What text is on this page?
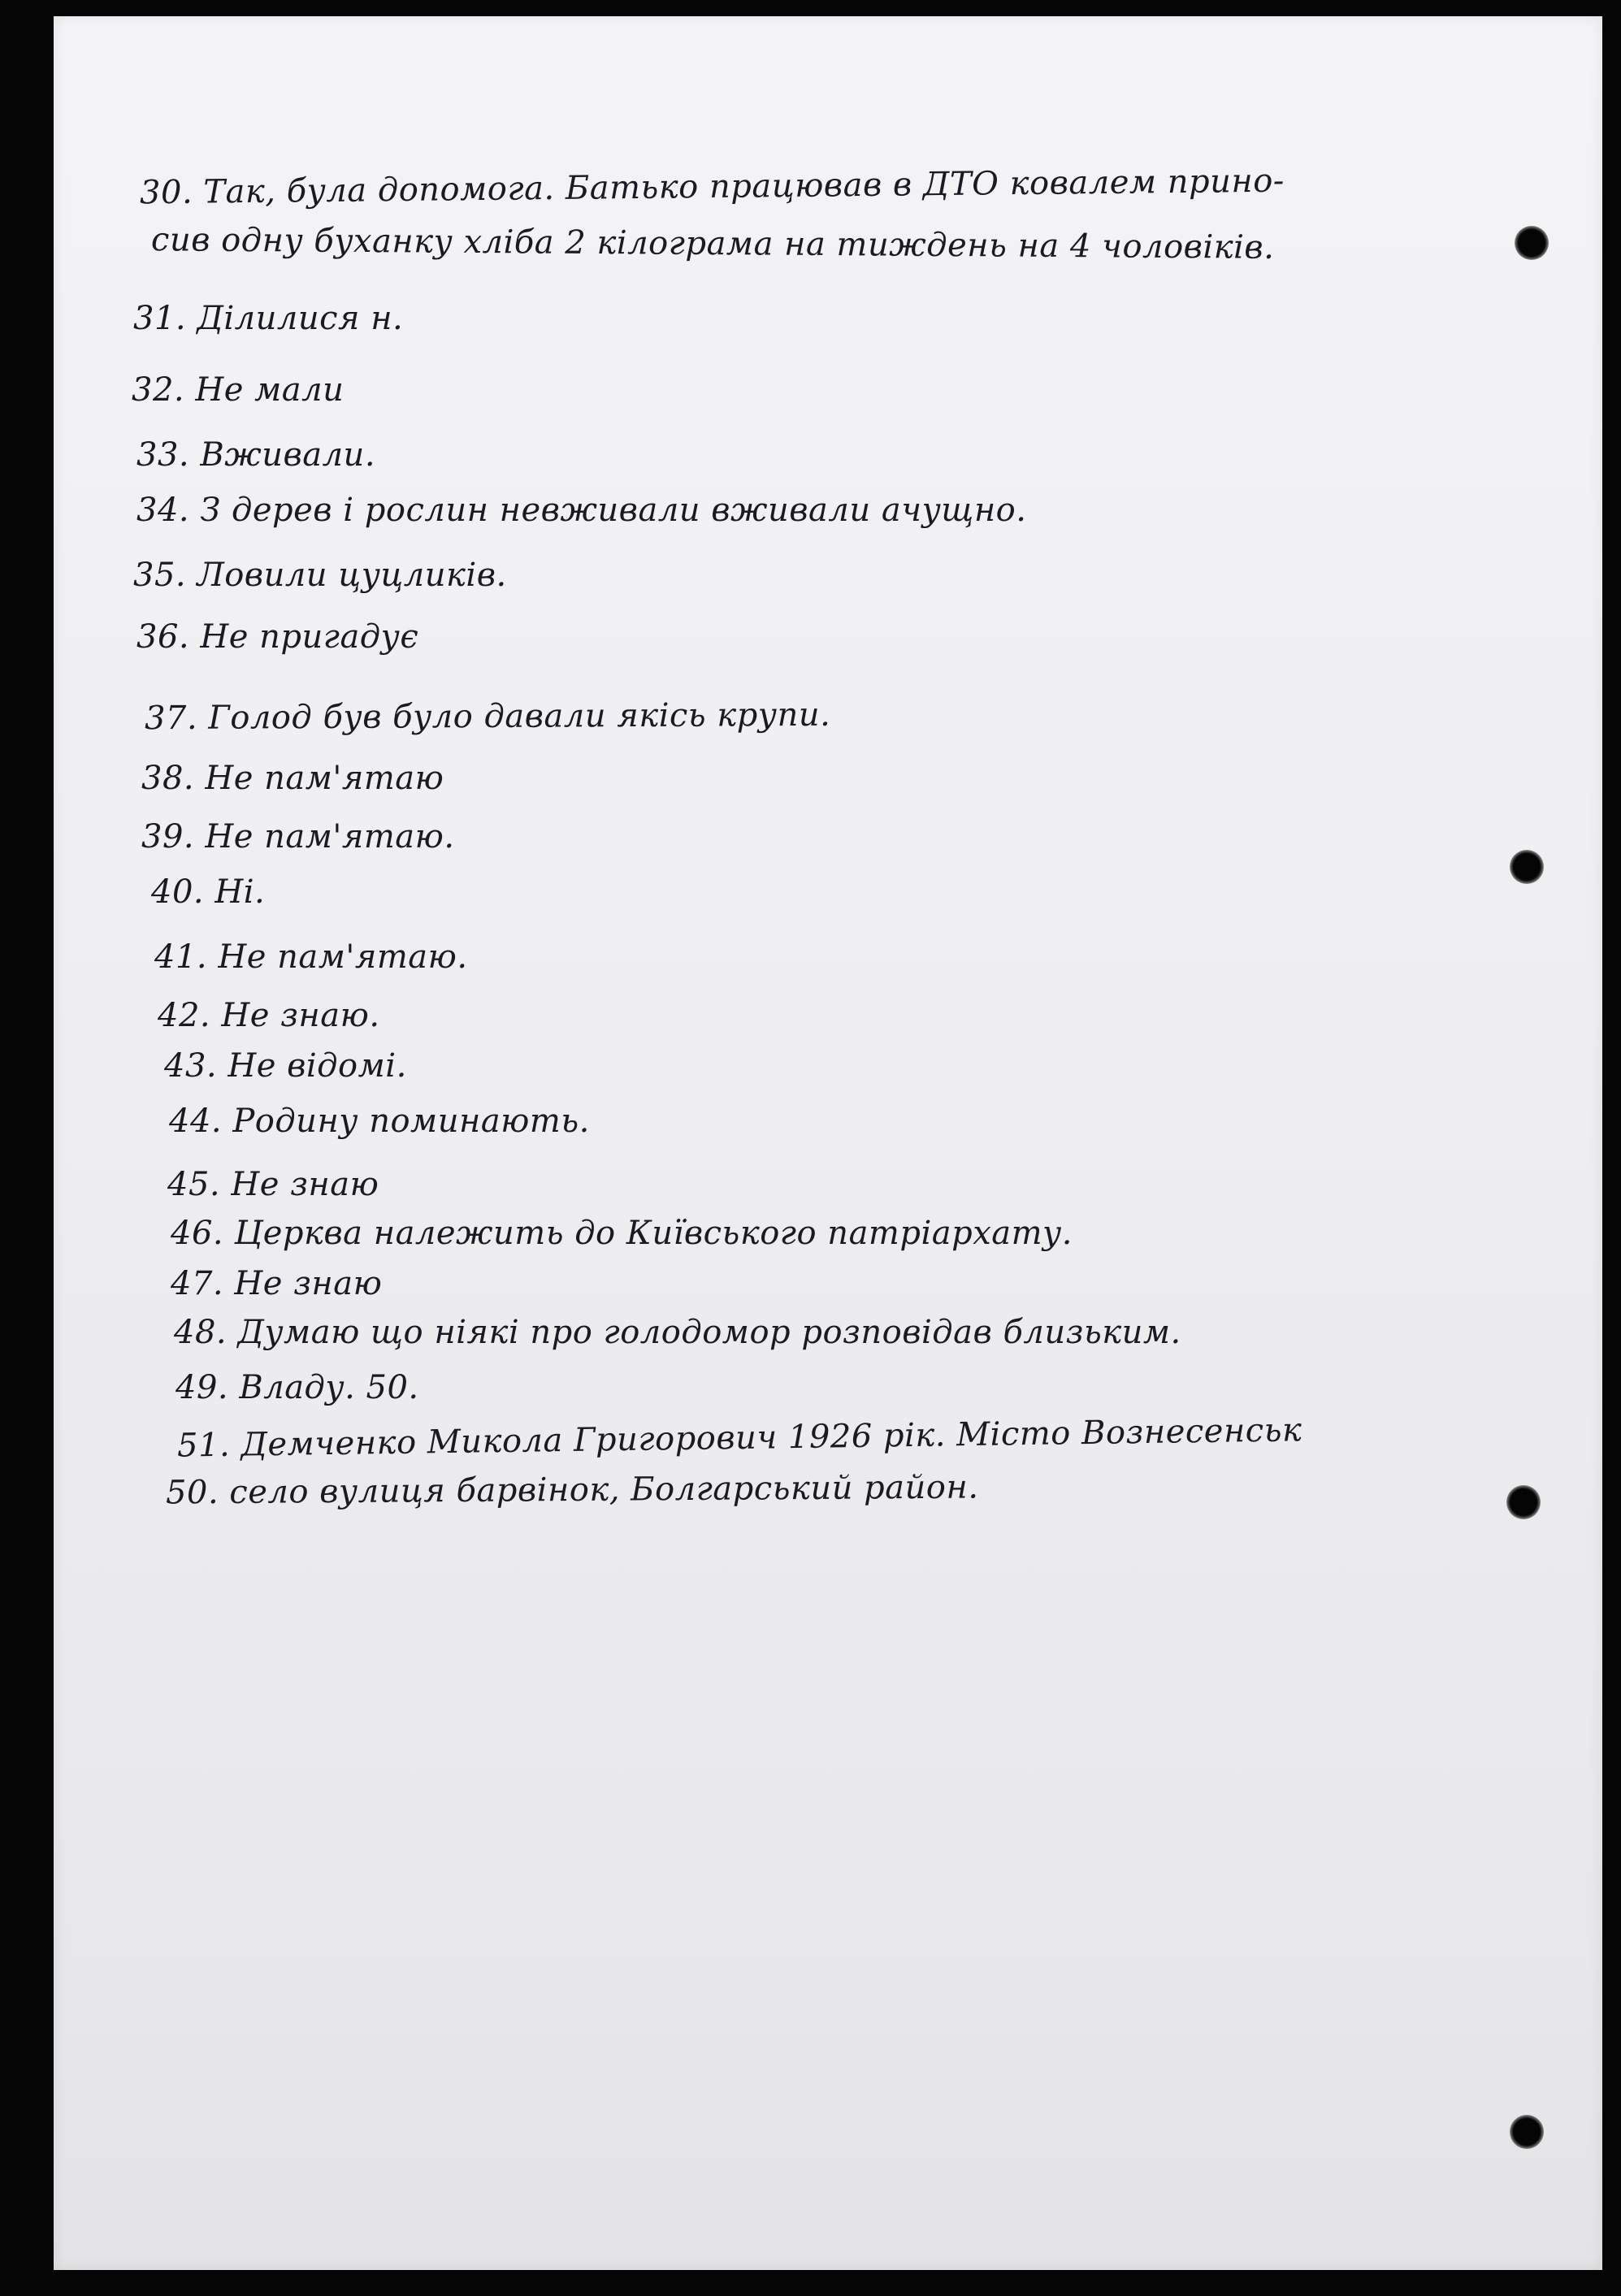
30. Так, була допомога. Батько працював в ДТО ковалем прино-
сив одну буханку хліба 2 кілограма на тиждень на 4 чоловіків.
31. Ділилися н.
32. Не мали
33. Вживали.
34. З дерев і рослин невживали вживали ачущно.
35. Ловили цуцликів.
36. Не пригадує
37. Голод був було давали якісь крупи.
38. Не пам'ятаю
39. Не пам'ятаю.
40. Ні.
41. Не пам'ятаю.
42. Не знаю.
43. Не відомі.
44. Родину поминають.
45. Не знаю
46. Церква належить до Київського патріархату.
47. Не знаю
48. Думаю що ніякі про голодомор розповідав близьким.
49. Владу. 50.
51. Демченко Микола Григорович 1926 рік. Місто Вознесенськ
50. село вулиця барвінок, Болгарський район.
